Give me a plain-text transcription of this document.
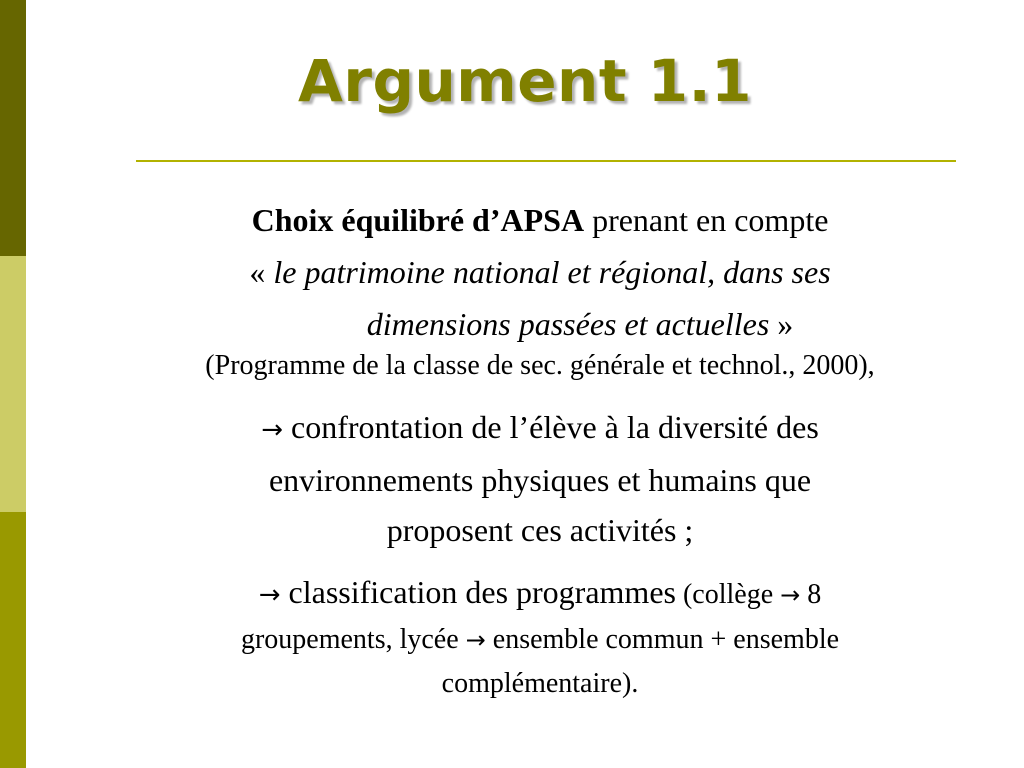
Argument 1.1
Choix équilibré d’APSA prenant en compte
« le patrimoine national et régional, dans ses
dimensions passées et actuelles »
(Programme de la classe de sec. générale et technol., 2000),
→ confrontation de l’élève à la diversité des
environnements physiques et humains que
proposent ces activités ;
→ classification des programmes (collège → 8
groupements, lycée → ensemble commun + ensemble
complémentaire).
